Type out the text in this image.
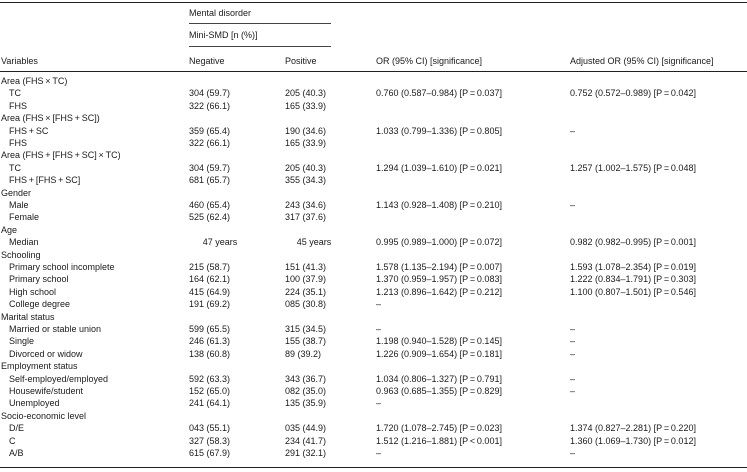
Mental disorder
Mini-SMD [n (%)]
Variables	Negative	Positive	OR (95% CI) [significance]	Adjusted OR (95% CI) [significance]
Area (FHS × TC)
TC	304 (59.7)	205 (40.3)	0.760 (0.587–0.984) [P = 0.037]	0.752 (0.572–0.989) [P = 0.042]
FHS	322 (66.1)	165 (33.9)
Area (FHS × [FHS + SC])
FHS + SC	359 (65.4)	190 (34.6)	1.033 (0.799–1.336) [P = 0.805]	–
FHS	322 (66.1)	165 (33.9)
Area (FHS + [FHS + SC] × TC)
TC	304 (59.7)	205 (40.3)	1.294 (1.039–1.610) [P = 0.021]	1.257 (1.002–1.575) [P = 0.048]
FHS + [FHS + SC]	681 (65.7)	355 (34.3)
Gender
Male	460 (65.4)	243 (34.6)	1.143 (0.928–1.408) [P = 0.210]	–
Female	525 (62.4)	317 (37.6)
Age
Median	47 years	45 years	0.995 (0.989–1.000) [P = 0.072]	0.982 (0.982–0.995) [P = 0.001]
Schooling
Primary school incomplete	215 (58.7)	151 (41.3)	1.578 (1.135–2.194) [P = 0.007]	1.593 (1.078–2.354) [P = 0.019]
Primary school	164 (62.1)	100 (37.9)	1.370 (0.959–1.957) [P = 0.083]	1.222 (0.834–1.791) [P = 0.303]
High school	415 (64.9)	224 (35.1)	1.213 (0.896–1.642) [P = 0.212]	1.100 (0.807–1.501) [P = 0.546]
College degree	191 (69.2)	085 (30.8)	–
Marital status
Married or stable union	599 (65.5)	315 (34.5)	–	–
Single	246 (61.3)	155 (38.7)	1.198 (0.940–1.528) [P = 0.145]	–
Divorced or widow	138 (60.8)	89 (39.2)	1.226 (0.909–1.654) [P = 0.181]	–
Employment status
Self-employed/employed	592 (63.3)	343 (36.7)	1.034 (0.806–1.327) [P = 0.791]	–
Housewife/student	152 (65.0)	082 (35.0)	0.963 (0.685–1.355) [P = 0.829]	–
Unemployed	241 (64.1)	135 (35.9)	–
Socio-economic level
D/E	043 (55.1)	035 (44.9)	1.720 (1.078–2.745) [P = 0.023]	1.374 (0.827–2.281) [P = 0.220]
C	327 (58.3)	234 (41.7)	1.512 (1.216–1.881) [P < 0.001]	1.360 (1.069–1.730) [P = 0.012]
A/B	615 (67.9)	291 (32.1)	–	–
